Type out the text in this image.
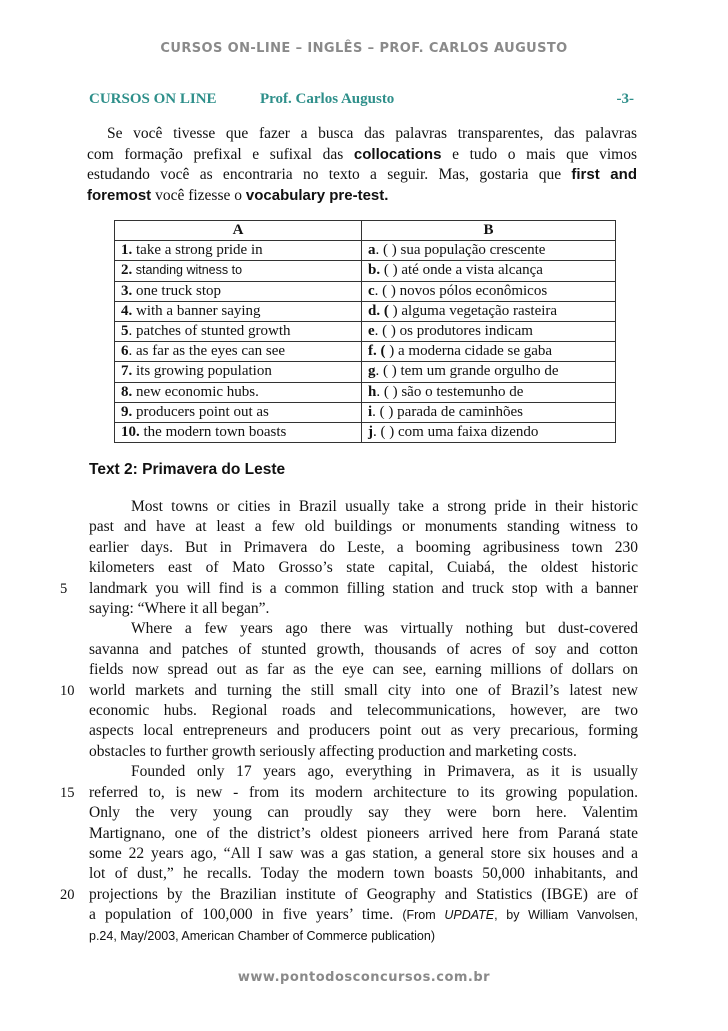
CURSOS ON-LINE – INGLÊS – PROF. CARLOS AUGUSTO
CURSOS ON LINE	Prof. Carlos Augusto	-3-
Se você tivesse que fazer a busca das palavras transparentes, das palavras
com formação prefixal e sufixal das collocations e tudo o mais que vimos
estudando você as encontraria no texto a seguir. Mas, gostaria que first and
foremost você fizesse o vocabulary pre-test.
A	B
1. take a strong pride in	a. ( ) sua população crescente
2. standing witness to	b. ( ) até onde a vista alcança
3. one truck stop	c. ( ) novos pólos econômicos
4. with a banner saying	d. ( ) alguma vegetação rasteira
5. patches of stunted growth	e. ( ) os produtores indicam
6. as far as the eyes can see	f. ( ) a moderna cidade se gaba
7. its growing population	g. ( ) tem um grande orgulho de
8. new economic hubs.	h. ( ) são o testemunho de
9. producers point out as	i. ( ) parada de caminhões
10. the modern town boasts	j. ( ) com uma faixa dizendo
Text 2: Primavera do Leste
Most towns or cities in Brazil usually take a strong pride in their historic
past and have at least a few old buildings or monuments standing witness to
earlier days. But in Primavera do Leste, a booming agribusiness town 230
kilometers east of Mato Grosso’s state capital, Cuiabá, the oldest historic
5	landmark you will find is a common filling station and truck stop with a banner
saying: “Where it all began”.
Where a few years ago there was virtually nothing but dust-covered
savanna and patches of stunted growth, thousands of acres of soy and cotton
fields now spread out as far as the eye can see, earning millions of dollars on
10 world markets and turning the still small city into one of Brazil’s latest new
economic hubs. Regional roads and telecommunications, however, are two
aspects local entrepreneurs and producers point out as very precarious, forming
obstacles to further growth seriously affecting production and marketing costs.
Founded only 17 years ago, everything in Primavera, as it is usually
15 referred to, is new - from its modern architecture to its growing population.
Only the very young can proudly say they were born here. Valentim
Martignano, one of the district’s oldest pioneers arrived here from Paraná state
some 22 years ago, “All I saw was a gas station, a general store six houses and a
lot of dust,” he recalls. Today the modern town boasts 50,000 inhabitants, and
20 projections by the Brazilian institute of Geography and Statistics (IBGE) are of
a population of 100,000 in five years’ time. (From UPDATE, by William Vanvolsen,
p.24, May/2003, American Chamber of Commerce publication)
www.pontodosconcursos.com.br
